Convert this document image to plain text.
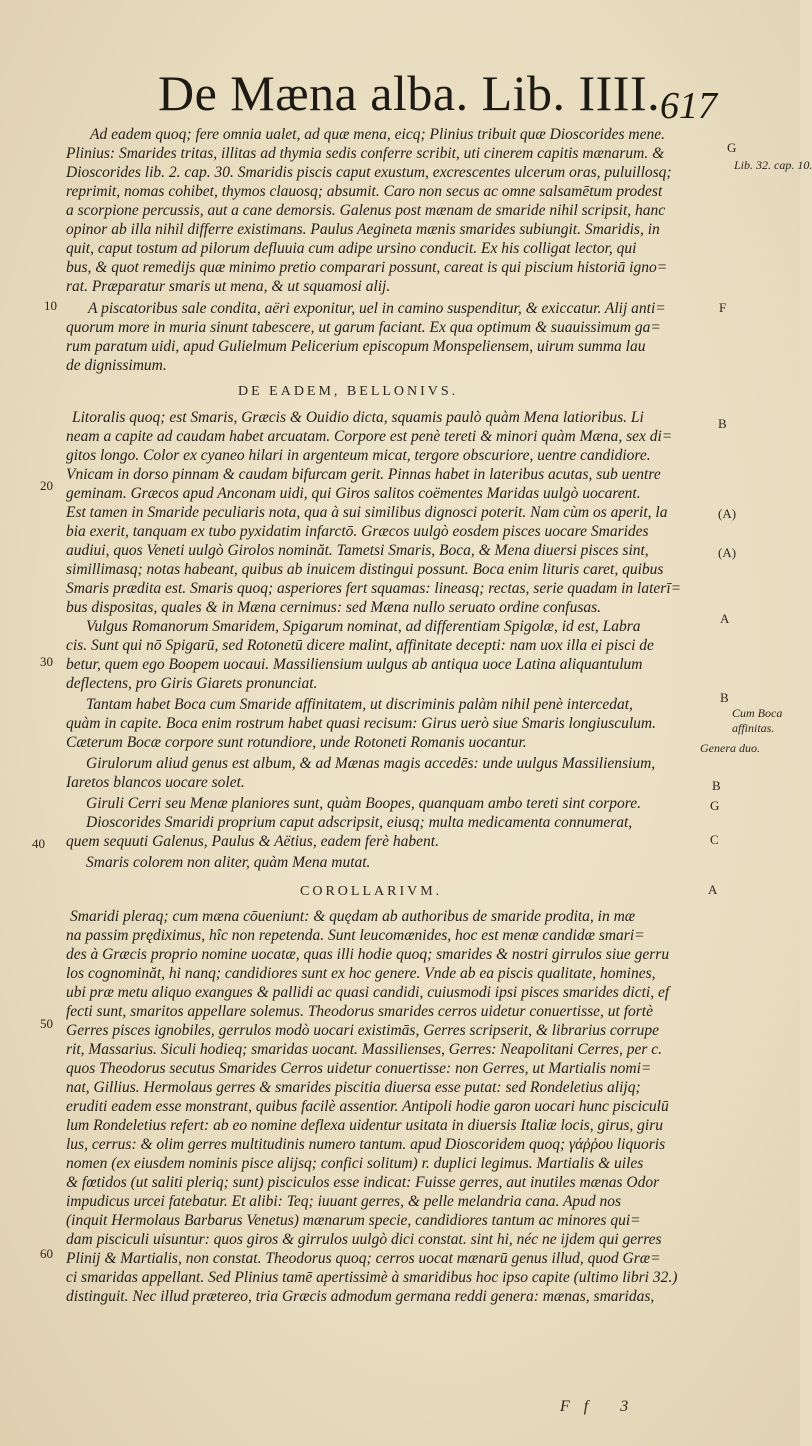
De Mæna alba. Lib. IIII. 617
Ad eadem quoq; fere omnia ualet, ad quæ mena, eicq; Plinius tribuit quæ Dioscorides mene.
Plinius: Smarides tritas, illitas ad thymia sedis conferre scribit, uti cinerem capitis mænarum. &
Dioscorides lib. 2. cap. 30. Smaridis piscis caput exustum, excrescentes ulcerum oras, puluillosq;
reprimit, nomas cohibet, thymos clauosq; absumit. Caro non secus ac omne salsamētum prodest
a scorpione percussis, aut a cane demorsis. Galenus post mænam de smaride nihil scripsit, hanc
opinor ab illa nihil differre existimans. Paulus Aegineta mænis smarides subiungit. Smaridis, in
quit, caput tostum ad pilorum defluuia cum adipe ursino conducit. Ex his colligat lector, qui
bus, & quot remedijs quæ minimo pretio comparari possunt, careat is qui piscium historiā igno=
rat. Præparatur smaris ut mena, & ut squamosi alij.
A piscatoribus sale condita, aëri exponitur, uel in camino suspenditur, & exiccatur. Alij anti=
quorum more in muria sinunt tabescere, ut garum faciant. Ex qua optimum & suauissimum ga=
rum paratum uidi, apud Gulielmum Pelicerium episcopum Monspeliensem, uirum summa lau
de dignissimum.
DE EADEM, BELLONIVS.
Litoralis quoq; est Smaris, Græcis & Ouidio dicta, squamis paulò quàm Mena latioribus. Li
neam a capite ad caudam habet arcuatam. Corpore est penè tereti & minori quàm Mæna, sex di=
gitos longo. Color ex cyaneo hilari in argenteum micat, tergore obscuriore, uentre candidiore.
Vnicam in dorso pinnam & caudam bifurcam gerit. Pinnas habet in lateribus acutas, sub uentre
geminam. Græcos apud Anconam uidi, qui Giros salitos coëmentes Maridas uulgò uocarent.
Est tamen in Smaride peculiaris nota, qua à sui similibus dignosci poterit. Nam cùm os aperit, la
bia exerit, tanquam ex tubo pyxidatim infarctō. Græcos uulgò eosdem pisces uocare Smarides
audiui, quos Veneti uulgò Girolos nominăt. Tametsi Smaris, Boca, & Mena diuersi pisces sint,
simillimasq; notas habeant, quibus ab inuicem distingui possunt. Boca enim lituris caret, quibus
Smaris prædita est. Smaris quoq; asperiores fert squamas: lineasq; rectas, serie quadam in laterī=
bus dispositas, quales & in Mæna cernimus: sed Mæna nullo seruato ordine confusas.
Vulgus Romanorum Smaridem, Spigarum nominat, ad differentiam Spigolæ, id est, Labra
cis. Sunt qui nō Spigarū, sed Rotonetū dicere malint, affinitate decepti: nam uox illa ei pisci de
betur, quem ego Boopem uocaui. Massiliensium uulgus ab antiqua uoce Latina aliquantulum
deflectens, pro Giris Giarets pronunciat.
Tantam habet Boca cum Smaride affinitatem, ut discriminis palàm nihil penè intercedat,
quàm in capite. Boca enim rostrum habet quasi recisum: Girus uerò siue Smaris longiusculum.
Cæterum Bocæ corpore sunt rotundiore, unde Rotoneti Romanis uocantur.
Girulorum aliud genus est album, & ad Mænas magis accedēs: unde uulgus Massiliensium,
Iaretos blancos uocare solet.
Giruli Cerri seu Menæ planiores sunt, quàm Boopes, quanquam ambo tereti sint corpore.
Dioscorides Smaridi proprium caput adscripsit, eiusq; multa medicamenta connumerat,
quem sequuti Galenus, Paulus & Aëtius, eadem ferè habent.
Smaris colorem non aliter, quàm Mena mutat.
COROLLARIVM.
Smaridi pleraq; cum mæna cōueniunt: & quędam ab authoribus de smaride prodita, in mæ
na passim prędiximus, hîc non repetenda. Sunt leucomænides, hoc est menæ candidæ smari=
des à Græcis proprio nomine uocatæ, quas illi hodie quoq; smarides & nostri girrulos siue gerru
los cognominăt, hi nanq; candidiores sunt ex hoc genere. Vnde ab ea piscis qualitate, homines,
ubi præ metu aliquo exangues & pallidi ac quasi candidi, cuiusmodi ipsi pisces smarides dicti, ef
fecti sunt, smaritos appellare solemus. Theodorus smarides cerros uidetur conuertisse, ut fortè
Gerres pisces ignobiles, gerrulos modò uocari existimās, Gerres scripserit, & librarius corrupe
rit, Massarius. Siculi hodieq; smaridas uocant. Massilienses, Gerres: Neapolitani Cerres, per c.
quos Theodorus secutus Smarides Cerros uidetur conuertisse: non Gerres, ut Martialis nomi=
nat, Gillius. Hermolaus gerres & smarides piscitia diuersa esse putat: sed Rondeletius alijq;
eruditi eadem esse monstrant, quibus facilè assentior. Antipoli hodie garon uocari hunc pisciculū
lum Rondeletius refert: ab eo nomine deflexa uidentur usitata in diuersis Italiæ locis, girus, giru
lus, cerrus: & olim gerres multitudinis numero tantum. apud Dioscoridem quoq; γάῤῥου liquoris
nomen (ex eiusdem nominis pisce alijsq; confici solitum) r. duplici legimus. Martialis & uiles
& fœtidos (ut saliti pleriq; sunt) pisciculos esse indicat: Fuisse gerres, aut inutiles mænas Odor
impudicus urcei fatebatur. Et alibi: Teq; iuuant gerres, & pelle melandria cana. Apud nos
(inquit Hermolaus Barbarus Venetus) mænarum specie, candidiores tantum ac minores qui=
dam pisciculi uisuntur: quos giros & girrulos uulgò dici constat. sint hi, néc ne ijdem qui gerres
Plinij & Martialis, non constat. Theodorus quoq; cerros uocat mænarū genus illud, quod Græ=
ci smaridas appellant. Sed Plinius tamē apertissimè à smaridibus hoc ipso capite (ultimo libri 32.)
distinguit. Nec illud prætereo, tria Græcis admodum germana reddi genera: mænas, smaridas,
10
20
30
40
50
60
G
Lib. 32. cap. 10.
F
B
(A)
(A)
A
B
Cum Boca affinitas.
Genera duo.
B
G
C
A
Ff 3
